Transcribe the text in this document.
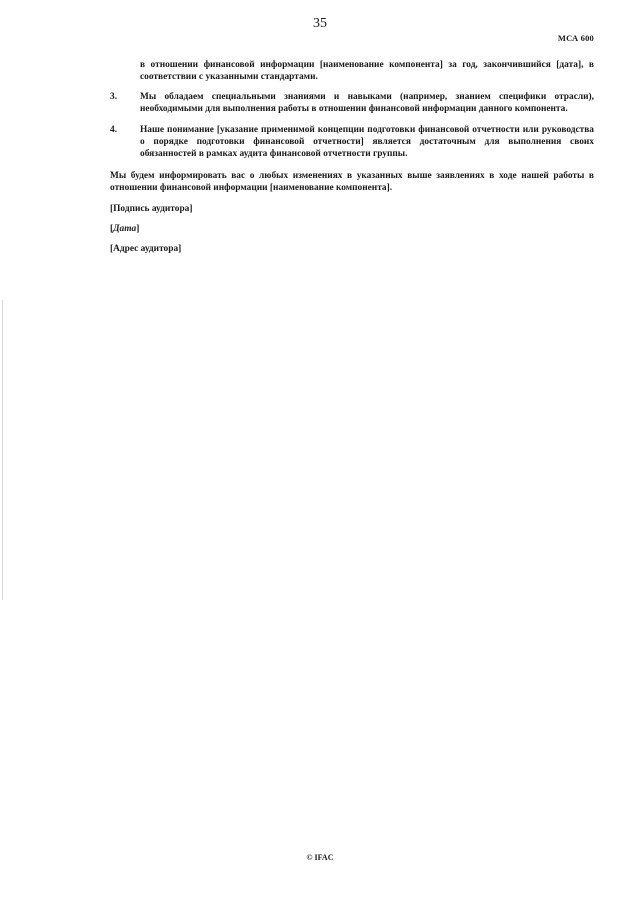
35
МСА 600

в отношении финансовой информации [наименование компонента] за год, закончившийся [дата], в соответствии с указанными стандартами.

3.	Мы обладаем специальными знаниями и навыками (например, знанием специфики отрасли), необходимыми для выполнения работы в отношении финансовой информации данного компонента.
4.	Наше понимание [указание применимой концепции подготовки финансовой отчетности или руководства о порядке подготовки финансовой отчетности] является достаточным для выполнения своих обязанностей в рамках аудита финансовой отчетности группы.

Мы будем информировать вас о любых изменениях в указанных выше заявлениях в ходе нашей работы в отношении финансовой информации [наименование компонента].

[Подпись аудитора]
[Дата]
[Адрес аудитора]
© IFAC
